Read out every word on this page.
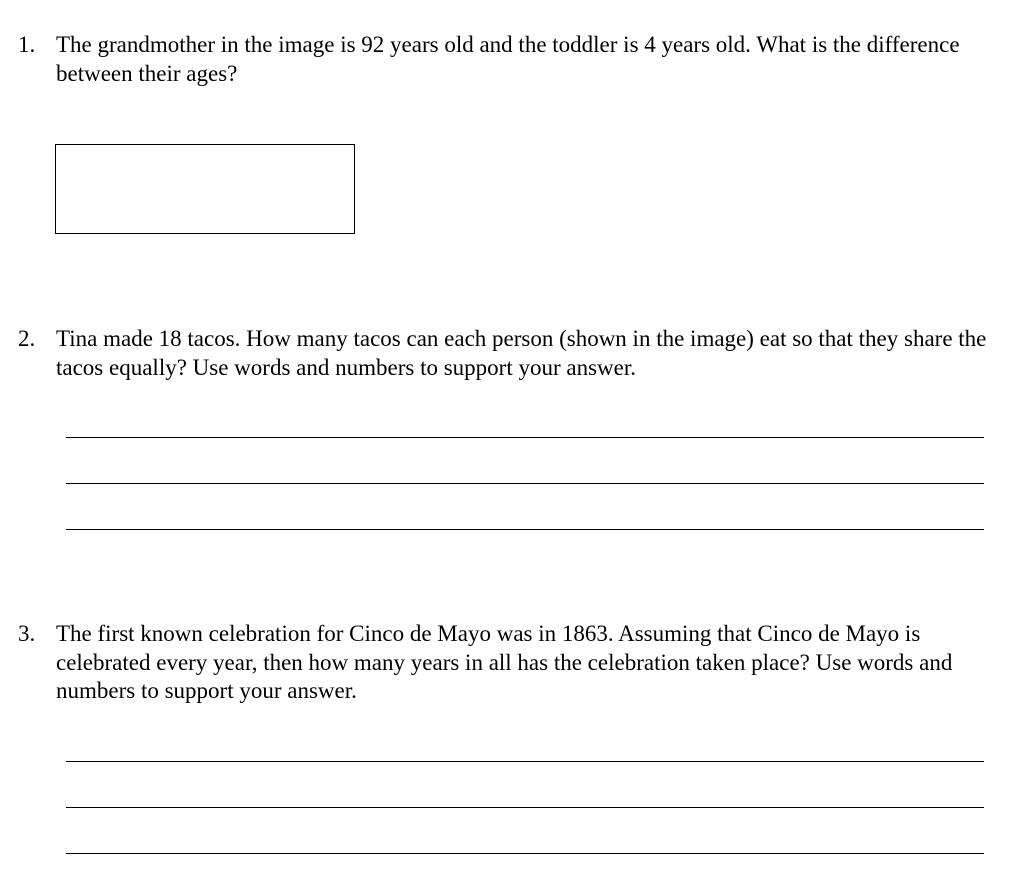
1. The grandmother in the image is 92 years old and the toddler is 4 years old. What is the difference between their ages?
2. Tina made 18 tacos. How many tacos can each person (shown in the image) eat so that they share the tacos equally? Use words and numbers to support your answer.
3. The first known celebration for Cinco de Mayo was in 1863. Assuming that Cinco de Mayo is celebrated every year, then how many years in all has the celebration taken place? Use words and numbers to support your answer.
